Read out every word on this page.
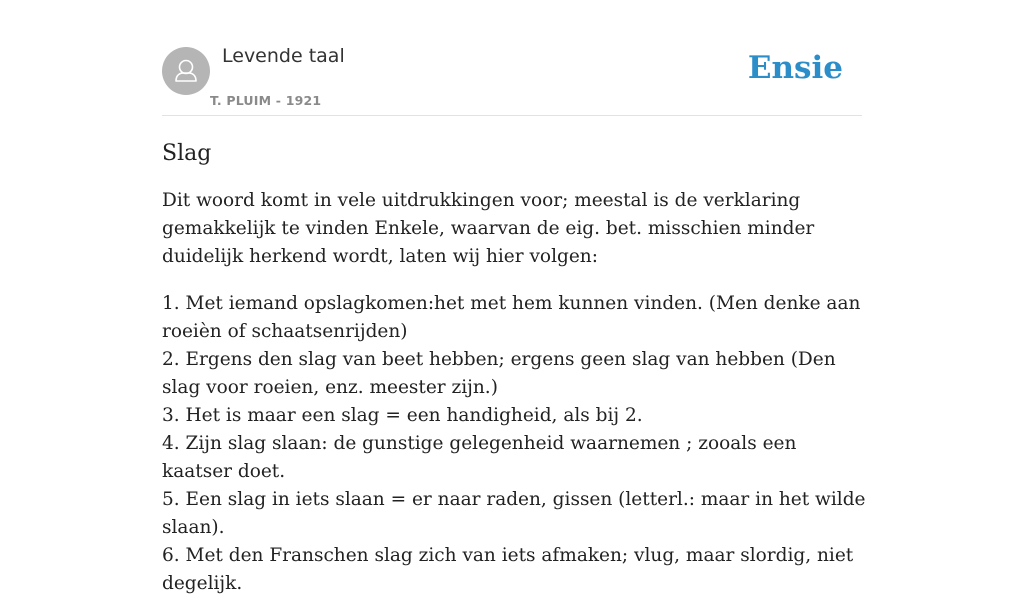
Levende taal
T. PLUIM - 1921
Ensie
Slag

Dit woord komt in vele uitdrukkingen voor; meestal is de verklaring gemakkelijk te vinden Enkele, waarvan de eig. bet. misschien minder duidelijk herkend wordt, laten wij hier volgen:

1. Met iemand opslagkomen:het met hem kunnen vinden. (Men denke aan roeièn of schaatsenrijden)
2. Ergens den slag van beet hebben; ergens geen slag van hebben (Den slag voor roeien, enz. meester zijn.)
3. Het is maar een slag = een handigheid, als bij 2.
4. Zijn slag slaan: de gunstige gelegenheid waarnemen ; zooals een kaatser doet.
5. Een slag in iets slaan = er naar raden, gissen (letterl.: maar in het wilde slaan).
6. Met den Franschen slag zich van iets afmaken; vlug, maar slordig, niet degelijk.
